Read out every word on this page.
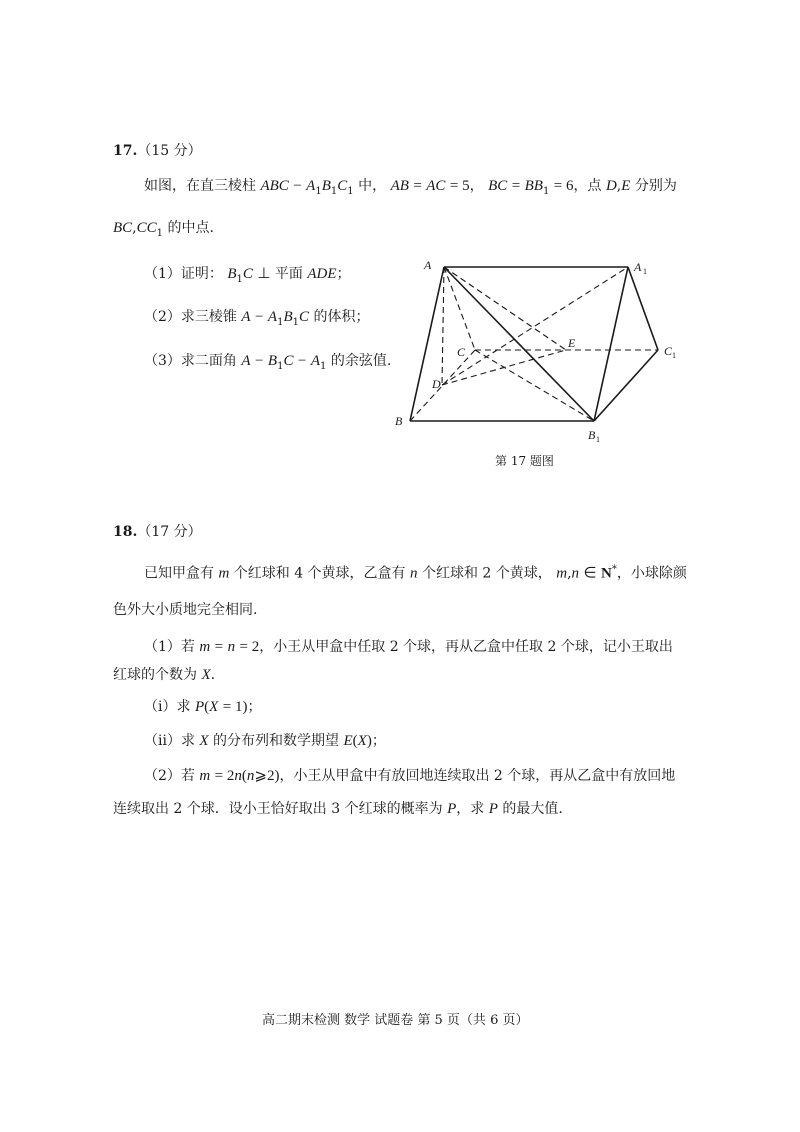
17.（15 分）
如图，在直三棱柱 ABC − $A_1B_1C_1$ 中， AB = AC = 5， BC = $BB_1 = 6$，点 D,E 分别为
$BC,CC_1$ 的中点.
（1）证明： $B_1C$ ⊥ 平面 ADE；
（2）求三棱锥 $A - A_1B_1C$ 的体积；
（3）求二面角 $A - B_1C - A_1$ 的余弦值.
A	A 1
B
B 1
C	C 1
D
E
第 17 题图
18.（17 分）
已知甲盒有 m 个红球和 4 个黄球，乙盒有 n 个红球和 2 个黄球， m,n ∈ N*，小球除颜
色外大小质地完全相同.
（1）若 m = n = 2，小王从甲盒中任取 2 个球，再从乙盒中任取 2 个球，记小王取出
红球的个数为 X.
（i）求 P(X = 1)；
（ii）求 X 的分布列和数学期望 E(X)；
（2）若 m = 2n(n⩾2)，小王从甲盒中有放回地连续取出 2 个球，再从乙盒中有放回地
连续取出 2 个球．设小王恰好取出 3 个红球的概率为 P，求 P 的最大值.
高二期末检测 数学 试题卷 第 5 页（共 6 页）
